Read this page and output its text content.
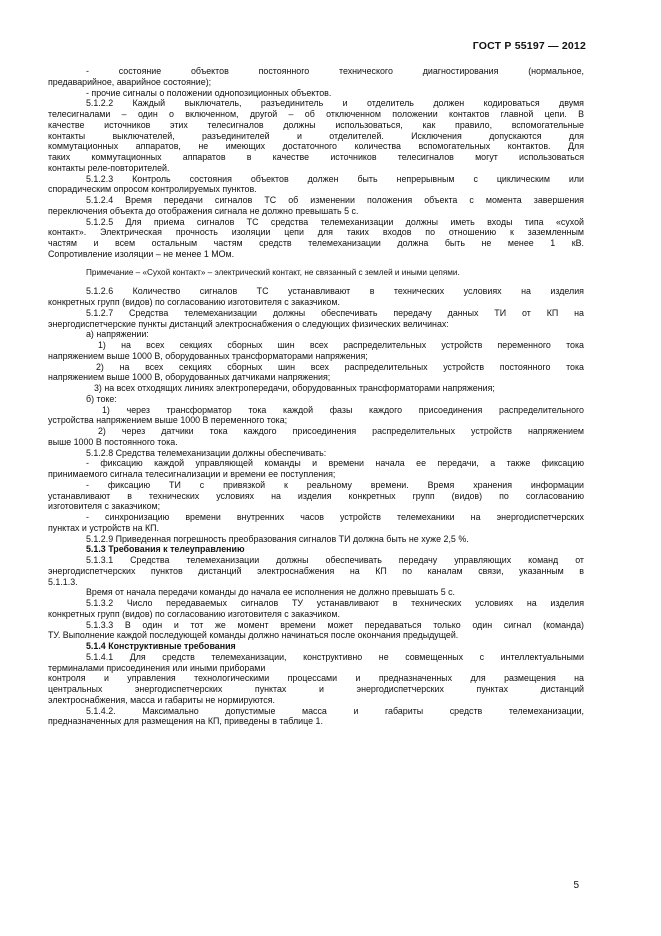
ГОСТ Р 55197 — 2012
- состояние объектов постоянного технического диагностирования (нормальное,
предаварийное, аварийное состояние);
- прочие сигналы о положении однопозиционных объектов.
5.1.2.2 Каждый выключатель, разъединитель и отделитель должен кодироваться двумя
телесигналами – один о включенном, другой – об отключенном положении контактов главной цепи. В
качестве источников этих телесигналов должны использоваться, как правило, вспомогательные
контакты выключателей, разъединителей и отделителей. Исключения допускаются для
коммутационных аппаратов, не имеющих достаточного количества вспомогательных контактов. Для
таких коммутационных аппаратов в качестве источников телесигналов могут использоваться
контакты реле-повторителей.
5.1.2.3 Контроль состояния объектов должен быть непрерывным с циклическим или
спорадическим опросом контролируемых пунктов.
5.1.2.4 Время передачи сигналов ТС об изменении положения объекта с момента завершения
переключения объекта до отображения сигнала не должно превышать 5 с.
5.1.2.5 Для приема сигналов ТС средства телемеханизации должны иметь входы типа «сухой
контакт». Электрическая прочность изоляции цепи для таких входов по отношению к заземленным
частям и всем остальным частям средств телемеханизации должна быть не менее 1 кВ.
Сопротивление изоляции – не менее 1 МОм.
Примечание – «Сухой контакт» – электрический контакт, не связанный с землей и иными цепями.
5.1.2.6 Количество сигналов ТС устанавливают в технических условиях на изделия
конкретных групп (видов) по согласованию изготовителя с заказчиком.
5.1.2.7 Средства телемеханизации должны обеспечивать передачу данных ТИ от КП на
энергодиспетчерские пункты дистанций электроснабжения о следующих физических величинах:
а) напряжении:
1) на всех секциях сборных шин всех распределительных устройств переменного тока
напряжением выше 1000 В, оборудованных трансформаторами напряжения;
2) на всех секциях сборных шин всех распределительных устройств постоянного тока
напряжением выше 1000 В, оборудованных датчиками напряжения;
3) на всех отходящих линиях электропередачи, оборудованных трансформаторами напряжения;
б) токе:
1) через трансформатор тока каждой фазы каждого присоединения распределительного
устройства напряжением выше 1000 В переменного тока;
2) через датчики тока каждого присоединения распределительных устройств напряжением
выше 1000 В постоянного тока.
5.1.2.8 Средства телемеханизации должны обеспечивать:
- фиксацию каждой управляющей команды и времени начала ее передачи, а также фиксацию
принимаемого сигнала телесигнализации и времени ее поступления;
- фиксацию ТИ с привязкой к реальному времени. Время хранения информации
устанавливают в технических условиях на изделия конкретных групп (видов) по согласованию
изготовителя с заказчиком;
- синхронизацию времени внутренних часов устройств телемеханики на энергодиспетчерских
пунктах и устройств на КП.
5.1.2.9 Приведенная погрешность преобразования сигналов ТИ должна быть не хуже 2,5 %.
5.1.3 Требования к телеуправлению
5.1.3.1 Средства телемеханизации должны обеспечивать передачу управляющих команд от
энергодиспетчерских пунктов дистанций электроснабжения на КП по каналам связи, указанным в
5.1.1.3.
Время от начала передачи команды до начала ее исполнения не должно превышать 5 с.
5.1.3.2 Число передаваемых сигналов ТУ устанавливают в технических условиях на изделия
конкретных групп (видов) по согласованию изготовителя с заказчиком.
5.1.3.3 В один и тот же момент времени может передаваться только один сигнал (команда)
ТУ. Выполнение каждой последующей команды должно начинаться после окончания предыдущей.
5.1.4 Конструктивные требования
5.1.4.1 Для средств телемеханизации, конструктивно не совмещенных с интеллектуальными
терминалами присоединения или иными приборами
контроля и управления технологическими процессами и предназначенных для размещения на
центральных энергодиспетчерских пунктах и энергодиспетчерских пунктах дистанций
электроснабжения, масса и габариты не нормируются.
5.1.4.2. Максимально допустимые масса и габариты средств телемеханизации,
предназначенных для размещения на КП, приведены в таблице 1.
5
